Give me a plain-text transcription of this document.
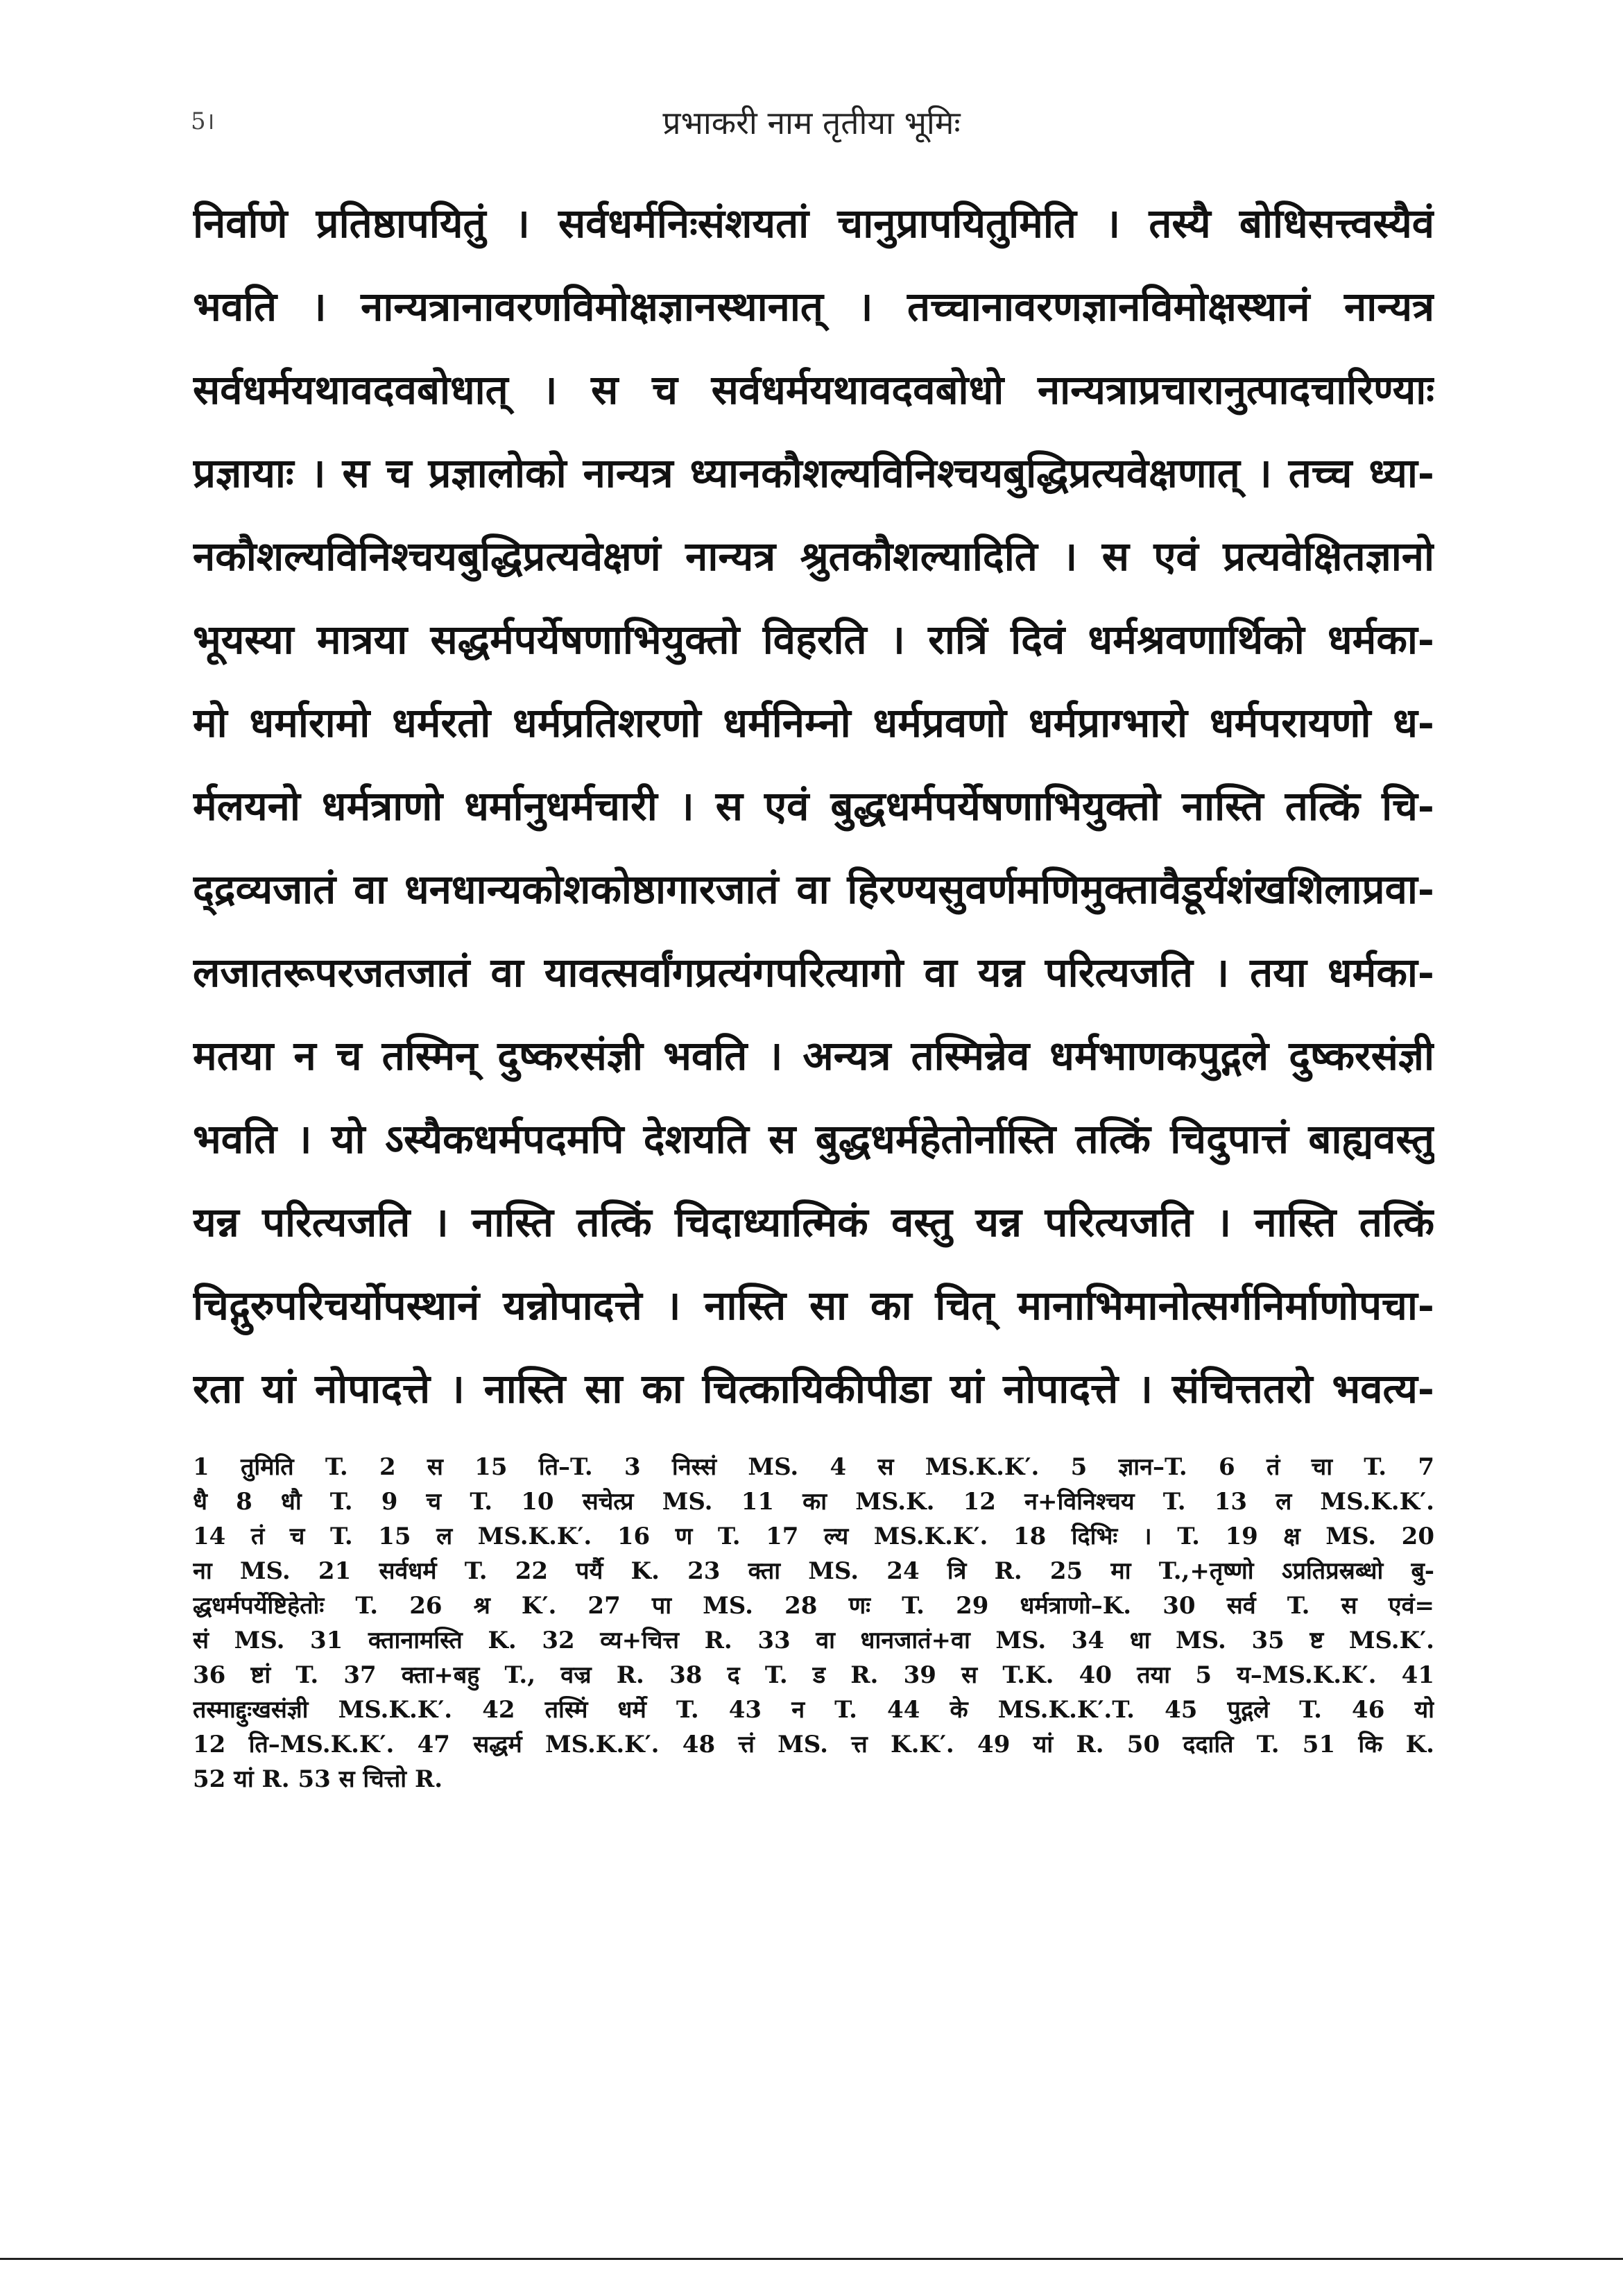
5।	प्रभाकरी नाम तृतीया भूमिः
निर्वाणे प्रतिष्ठापयितुं । सर्वधर्मनिःसंशयतां चानुप्रापयितुमिति । तस्यै बोधिसत्त्वस्यैवं
भवति । नान्यत्रानावरणविमोक्षज्ञानस्थानात् । तच्चानावरणज्ञानविमोक्षस्थानं नान्यत्र
सर्वधर्मयथावदवबोधात् । स च सर्वधर्मयथावदवबोधो नान्यत्राप्रचारानुत्पादचारिण्याः
प्रज्ञायाः । स च प्रज्ञालोको नान्यत्र ध्यानकौशल्यविनिश्चयबुद्धिप्रत्यवेक्षणात् । तच्च ध्या-
नकौशल्यविनिश्चयबुद्धिप्रत्यवेक्षणं नान्यत्र श्रुतकौशल्यादिति । स एवं प्रत्यवेक्षितज्ञानो
भूयस्या मात्रया सद्धर्मपर्येषणाभियुक्तो विहरति । रात्रिं दिवं धर्मश्रवणार्थिको धर्मका-
मो धर्मारामो धर्मरतो धर्मप्रतिशरणो धर्मनिम्नो धर्मप्रवणो धर्मप्राग्भारो धर्मपरायणो ध-
र्मलयनो धर्मत्राणो धर्मानुधर्मचारी । स एवं बुद्धधर्मपर्येषणाभियुक्तो नास्ति तत्किं चि-
द्द्रव्यजातं वा धनधान्यकोशकोष्ठागारजातं वा हिरण्यसुवर्णमणिमुक्तावैडूर्यशंखशिलाप्रवा-
लजातरूपरजतजातं वा यावत्सर्वांगप्रत्यंगपरित्यागो वा यन्न परित्यजति । तया धर्मका-
मतया न च तस्मिन् दुष्करसंज्ञी भवति । अन्यत्र तस्मिन्नेव धर्मभाणकपुद्गले दुष्करसंज्ञी
भवति । यो ऽस्यैकधर्मपदमपि देशयति स बुद्धधर्महेतोर्नास्ति तत्किं चिदुपात्तं बाह्यवस्तु
यन्न परित्यजति । नास्ति तत्किं चिदाध्यात्मिकं वस्तु यन्न परित्यजति । नास्ति तत्किं
चिद्गुरुपरिचर्योपस्थानं यन्नोपादत्ते । नास्ति सा का चित् मानाभिमानोत्सर्गनिर्माणोपचा-
रता यां नोपादत्ते । नास्ति सा का चित्कायिकीपीडा यां नोपादत्ते । संचित्ततरो भवत्य-
1 तुमिति T. 2 स 15 ति–T. 3 निस्सं MS. 4 स MS.K.K′. 5 ज्ञान–T. 6 तं चा T. 7
धै 8 धौ T. 9 च T. 10 सचेत्प्र MS. 11 का MS.K. 12 न+विनिश्चय T. 13 ल MS.K.K′.
14 तं च T. 15 ल MS.K.K′. 16 ण T. 17 ल्य MS.K.K′. 18 दिभिः । T. 19 क्ष MS. 20
ना MS. 21 सर्वधर्म T. 22 पर्यै K. 23 क्ता MS. 24 त्रि R. 25 मा T.,+तृष्णो ऽप्रतिप्रस्रब्धो बु-
द्धधर्मपर्येष्टिहेतोः T. 26 श्र K′. 27 पा MS. 28 णः T. 29 धर्मत्राणो–K. 30 सर्व T. स एवं=
सं MS. 31 क्तानामस्ति K. 32 व्य+चित्त R. 33 वा धानजातं+वा MS. 34 धा MS. 35 ष्ट MS.K′.
36 ष्टां T. 37 क्ता+बहु T., वज्र R. 38 द T. ड R. 39 स T.K. 40 तया 5 य–MS.K.K′. 41
तस्माद्दुःखसंज्ञी MS.K.K′. 42 तस्मिं धर्मे T. 43 न T. 44 के MS.K.K′.T. 45 पुद्गले T. 46 यो
12 ति–MS.K.K′. 47 सद्धर्म MS.K.K′. 48 त्तं MS. त्त K.K′. 49 यां R. 50 ददाति T. 51 कि K.
52 यां R. 53 स चित्तो R.
